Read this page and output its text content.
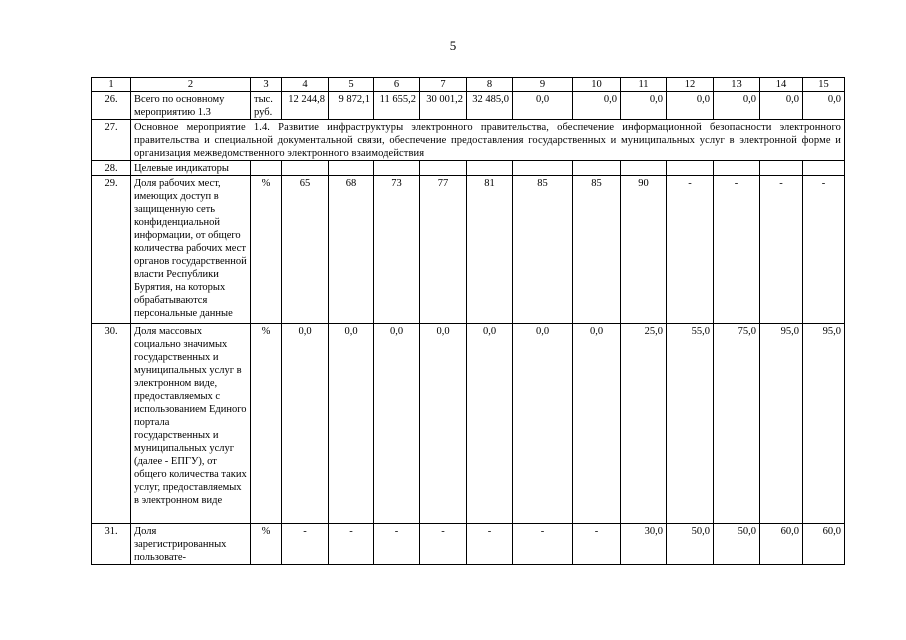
5
1	2	3	4	5	6	7	8	9	10	11	12	13	14	15
26.	Всего по основному мероприятию 1.3	тыс. руб.	12 244,8	9 872,1	11 655,2	30 001,2	32 485,0	0,0	0,0	0,0	0,0	0,0	0,0	0,0
27.	Основное мероприятие 1.4. Развитие инфраструктуры электронного правительства, обеспечение информационной безопасности электронного правительства и специальной документальной связи, обеспечение предоставления государственных и муниципальных услуг в электронной форме и организация межведомственного электронного взаимодействия													
28.	Целевые индикаторы													
29.	Доля рабочих мест, имеющих доступ в защищенную сеть конфиденциальной информации, от общего количества рабочих мест органов государственной власти Республики Бурятия, на которых обрабатываются персональные данные	%	65	68	73	77	81	85	85	90	-	-	-	-
30.	Доля массовых социально значимых государственных и муниципальных услуг в электронном виде, предоставляемых с использованием Единого портала государственных и муниципальных услуг (далее - ЕПГУ), от общего количества таких услуг, предоставляемых в электронном виде	%	0,0	0,0	0,0	0,0	0,0	0,0	0,0	25,0	55,0	75,0	95,0	95,0
31.	Доля зарегистрированных пользовате-	%	-	-	-	-	-	-	-	30,0	50,0	50,0	60,0	60,0
